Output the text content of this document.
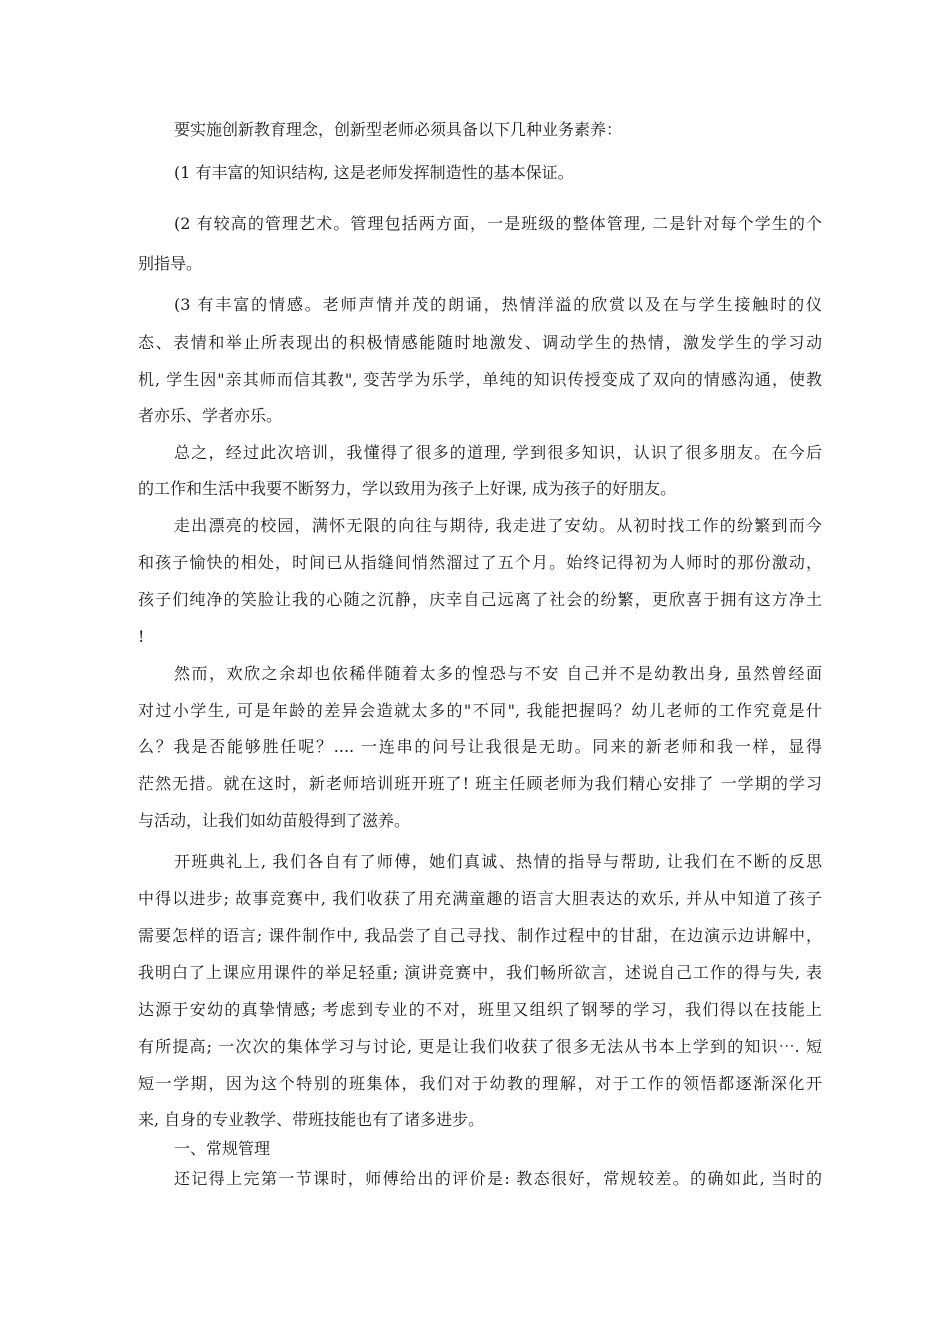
要实施创新教育理念，创新型老师必须具备以下几种业务素养：
(1 有丰富的知识结构, 这是老师发挥制造性的基本保证。
(2 有较高的管理艺术。管理包括两方面，一是班级的整体管理, 二是针对每个学生的个
别指导。
(3 有丰富的情感。老师声情并茂的朗诵，热情洋溢的欣赏以及在与学生接触时的仪
态、表情和举止所表现出的积极情感能随时地激发、调动学生的热情，激发学生的学习动
机, 学生因"亲其师而信其教", 变苦学为乐学，单纯的知识传授变成了双向的情感沟通，使教
者亦乐、学者亦乐。
总之，经过此次培训，我懂得了很多的道理, 学到很多知识，认识了很多朋友。在今后
的工作和生活中我要不断努力，学以致用为孩子上好课, 成为孩子的好朋友。
走出漂亮的校园，满怀无限的向往与期待, 我走进了安幼。从初时找工作的纷繁到而今
和孩子愉快的相处，时间已从指缝间悄然溜过了五个月。始终记得初为人师时的那份激动，
孩子们纯净的笑脸让我的心随之沉静，庆幸自己远离了社会的纷繁，更欣喜于拥有这方净土
!
然而，欢欣之余却也依稀伴随着太多的惶恐与不安 自己并不是幼教出身, 虽然曾经面
对过小学生, 可是年龄的差异会造就太多的"不同", 我能把握吗？幼儿老师的工作究竟是什
么？我是否能够胜任呢？.... 一连串的问号让我很是无助。同来的新老师和我一样，显得
茫然无措。就在这时，新老师培训班开班了! 班主任顾老师为我们精心安排了 一学期的学习
与活动，让我们如幼苗般得到了滋养。
开班典礼上, 我们各自有了师傅，她们真诚、热情的指导与帮助, 让我们在不断的反思
中得以进步; 故事竞赛中, 我们收获了用充满童趣的语言大胆表达的欢乐, 并从中知道了孩子
需要怎样的语言; 课件制作中, 我品尝了自己寻找、制作过程中的甘甜，在边演示边讲解中，
我明白了上课应用课件的举足轻重; 演讲竞赛中，我们畅所欲言，述说自己工作的得与失, 表
达源于安幼的真挚情感; 考虑到专业的不对，班里又组织了钢琴的学习，我们得以在技能上
有所提高; 一次次的集体学习与讨论, 更是让我们收获了很多无法从书本上学到的知识⋯. 短
短一学期，因为这个特别的班集体，我们对于幼教的理解，对于工作的领悟都逐渐深化开
来, 自身的专业教学、带班技能也有了诸多进步。
一、常规管理
还记得上完第一节课时，师傅给出的评价是: 教态很好，常规较差。的确如此, 当时的
